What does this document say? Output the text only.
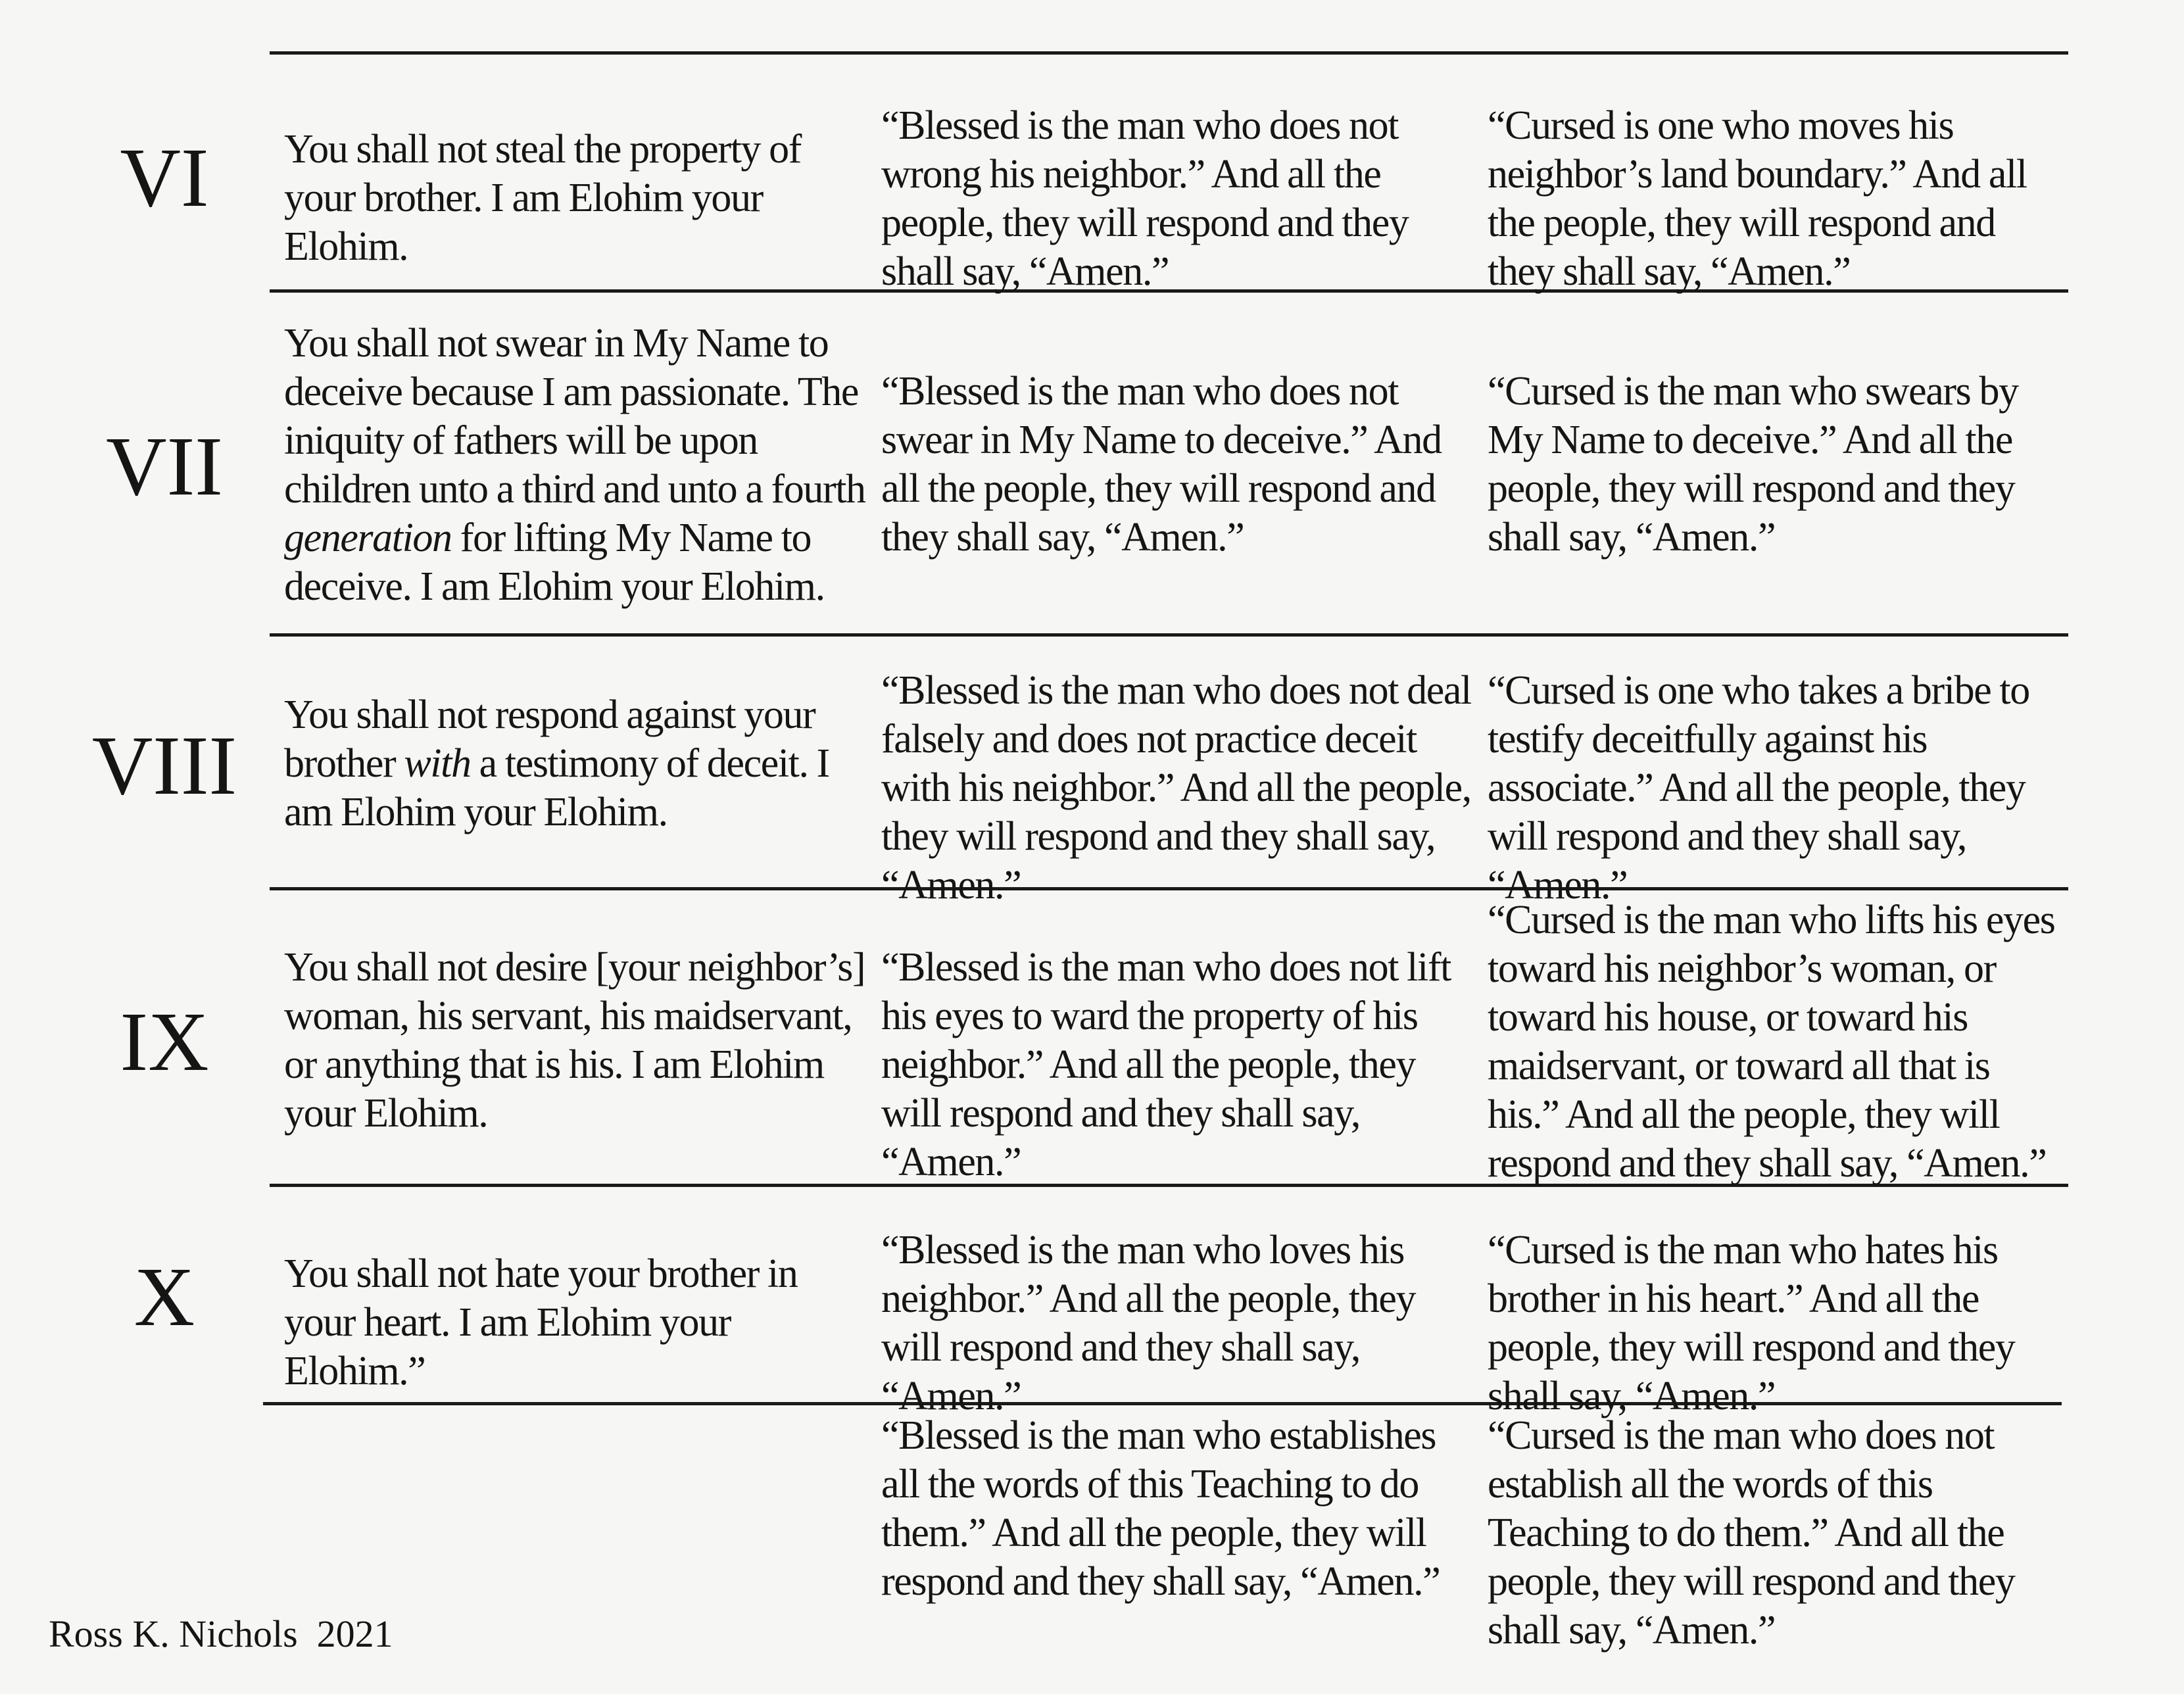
VI	You shall not steal the property of your brother. I am Elohim your Elohim.
“Blessed is the man who does not wrong his neighbor.” And all the people, they will respond and they shall say, “Amen.”
“Cursed is one who moves his neighbor’s land boundary.” And all the people, they will respond and they shall say, “Amen.”
VII
You shall not swear in My Name to deceive because I am passionate. The iniquity of fathers will be upon children unto a third and unto a fourth generation for lifting My Name to deceive. I am Elohim your Elohim.
“Blessed is the man who does not swear in My Name to deceive.” And all the people, they will respond and they shall say, “Amen.”
“Cursed is the man who swears by My Name to deceive.” And all the people, they will respond and they shall say, “Amen.”
VIII
You shall not respond against your brother with a testimony of deceit. I am Elohim your Elohim.
“Blessed is the man who does not deal falsely and does not practice deceit with his neighbor.” And all the people, they will respond and they shall say, “Amen.”
“Cursed is one who takes a bribe to testify deceitfully against his associate.” And all the people, they will respond and they shall say, “Amen.”
IX
You shall not desire [your neighbor’s] woman, his servant, his maidservant, or anything that is his. I am Elohim your Elohim.
“Blessed is the man who does not lift his eyes to ward the property of his neighbor.” And all the people, they will respond and they shall say, “Amen.”
“Cursed is the man who lifts his eyes toward his neighbor’s woman, or toward his house, or toward his maidservant, or toward all that is his.” And all the people, they will respond and they shall say, “Amen.”
X	You shall not hate your brother in your heart. I am Elohim your Elohim.”
“Blessed is the man who loves his neighbor.” And all the people, they will respond and they shall say, “Amen.”
“Cursed is the man who hates his brother in his heart.” And all the people, they will respond and they shall say, “Amen.”
“Blessed is the man who establishes all the words of this Teaching to do them.” And all the people, they will respond and they shall say, “Amen.”
“Cursed is the man who does not establish all the words of this Teaching to do them.” And all the people, they will respond and they shall say, “Amen.”
Ross K. Nichols  2021
